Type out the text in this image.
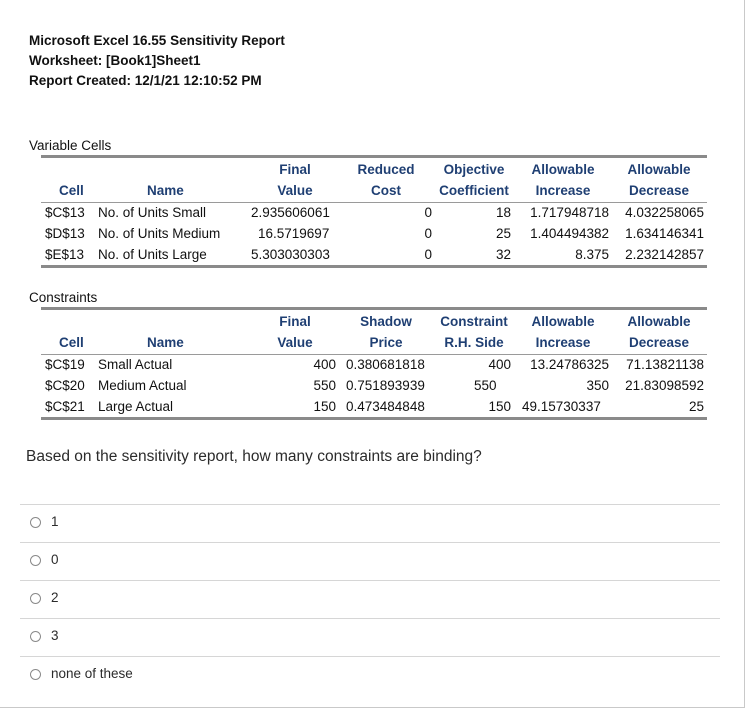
Microsoft Excel 16.55 Sensitivity Report
Worksheet: [Book1]Sheet1
Report Created: 12/1/21 12:10:52 PM
Variable Cells
Final	Reduced	Objective	Allowable	Allowable
Cell	Name	Value	Cost	Coefficient	Increase	Decrease
$C$13 No. of Units Small	2.935606061	0	18	1.717948718	4.032258065
$D$13 No. of Units Medium	16.5719697	0	25	1.404494382	1.634146341
$E$13 No. of Units Large	5.303030303	0	32	8.375	2.232142857
Constraints
Final	Shadow	Constraint	Allowable	Allowable
Cell	Name	Value	Price	R.H. Side	Increase	Decrease
$C$19 Small Actual	400 0.380681818	400	13.24786325	71.13821138
$C$20 Medium Actual	550 0.751893939	550	350	21.83098592
$C$21 Large Actual	150 0.473484848	150 49.15730337	25
Based on the sensitivity report, how many constraints are binding?
1
0
2
3
none of these
